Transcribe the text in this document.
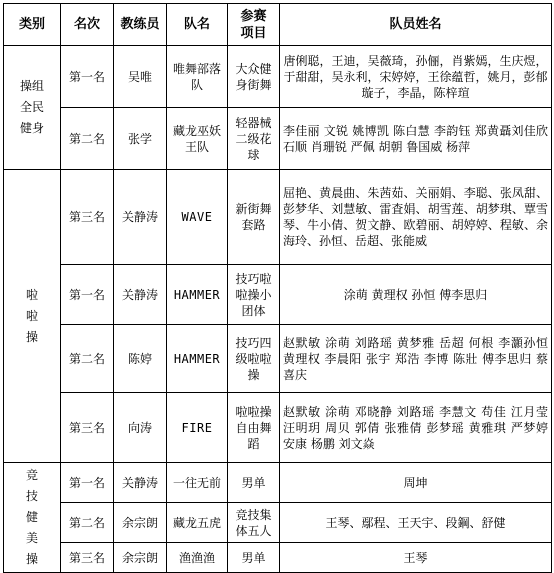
类别	名次	教练员	队名	参赛项目	队员姓名

操组 全民健身	第一名	吴唯	唯舞部落队	大众健身街舞	唐俐聪，王迪，吴薇琦，孙俪，肖紫嫣，生庆煜，于甜甜，吴永利，宋婷婷，王徐蕴哲，姚月，彭郁璇子，李晶，陈梓瑄
	第二名	张学	藏龙巫妖王队	轻器械二级花球	李佳丽 文锐 姚博凯 陈白慧 李韵钰 郑黄聶刘佳欣 石顺 肖珊锐 严佩 胡朝 鲁国威 杨萍

啦啦操	第三名	关静涛	WAVE	新街舞套路	屈艳、黄晨曲、朱茜茹、关丽娟、李聪、张凤甜、彭梦华、刘慧敏、雷査娟、胡雪莲、胡梦琪、覃雪琴、牛小倩、贺文静、欧碧丽、胡婷婷、程敏、余海玲、孙恒、岳超、张能威
	第一名	关静涛	HAMMER	技巧啦啦操小团体	涂萌 黄理权 孙恒 傅李思归
	第二名	陈婷	HAMMER	技巧四级啦啦操	赵默敏 涂萌 刘路瑶 黄梦雅 岳超 何根 李灝孙恒 黄理权 李晨阳 张宇 郑浩 李博 陈壯 傅李思归 蔡喜庆
	第三名	向涛	FIRE	啦啦操自由舞蹈	赵默敏 涂萌 邓晓静 刘路瑶 李慧文 苟佳 江月莹 汪明玥 周贝 郭倩 张雅倩 彭梦瑶 黄雅琪 严梦婷 安康 杨鹏 刘文焱

竞技健美操	第一名	关静涛	一往无前	男单	周坤
	第二名	余宗朗	藏龙五虎	竞技集体五人	王琴、鄢程、王天宇、段鋼、舒健
	第三名	余宗朗	渔渔渔	男单	王琴
